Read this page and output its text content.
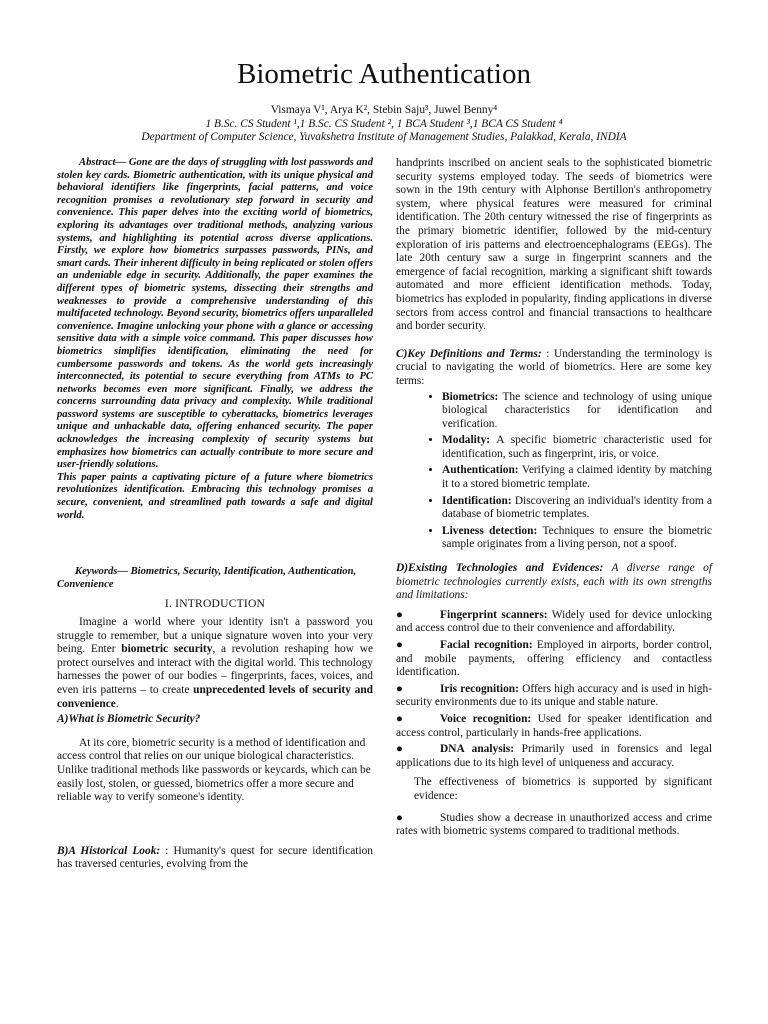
Biometric Authentication
Vismaya V¹, Arya K², Stebin Saju³, Juwel Benny⁴
1 B.Sc. CS Student ¹,1 B.Sc. CS Student ², 1 BCA Student ³,1 BCA CS Student ⁴
Department of Computer Science, Yuvakshetra Institute of Management Studies, Palakkad, Kerala, INDIA

Abstract— Gone are the days of struggling with lost passwords and stolen key cards. Biometric authentication, with its unique physical and behavioral identifiers like fingerprints, facial patterns, and voice recognition promises a revolutionary step forward in security and convenience. This paper delves into the exciting world of biometrics, exploring its advantages over traditional methods, analyzing various systems, and highlighting its potential across diverse applications. Firstly, we explore how biometrics surpasses passwords, PINs, and smart cards. Their inherent difficulty in being replicated or stolen offers an undeniable edge in security. Additionally, the paper examines the different types of biometric systems, dissecting their strengths and weaknesses to provide a comprehensive understanding of this multifaceted technology. Beyond security, biometrics offers unparalleled convenience. Imagine unlocking your phone with a glance or accessing sensitive data with a simple voice command. This paper discusses how biometrics simplifies identification, eliminating the need for cumbersome passwords and tokens. As the world gets increasingly interconnected, its potential to secure everything from ATMs to PC networks becomes even more significant. Finally, we address the concerns surrounding data privacy and complexity. While traditional password systems are susceptible to cyberattacks, biometrics leverages unique and unhackable data, offering enhanced security. The paper acknowledges the increasing complexity of security systems but emphasizes how biometrics can actually contribute to more secure and user-friendly solutions.

This paper paints a captivating picture of a future where biometrics revolutionizes identification. Embracing this technology promises a secure, convenient, and streamlined path towards a safe and digital world.

Keywords— Biometrics, Security, Identification, Authentication, Convenience

I. INTRODUCTION

Imagine a world where your identity isn't a password you struggle to remember, but a unique signature woven into your very being. Enter biometric security, a revolution reshaping how we protect ourselves and interact with the digital world. This technology harnesses the power of our bodies – fingerprints, faces, voices, and even iris patterns – to create unprecedented levels of security and convenience.

A)What is Biometric Security?

At its core, biometric security is a method of identification and access control that relies on our unique biological characteristics. Unlike traditional methods like passwords or keycards, which can be easily lost, stolen, or guessed, biometrics offer a more secure and reliable way to verify someone's identity.

B)A Historical Look: : Humanity's quest for secure identification has traversed centuries, evolving from the

handprints inscribed on ancient seals to the sophisticated biometric security systems employed today. The seeds of biometrics were sown in the 19th century with Alphonse Bertillon's anthropometry system, where physical features were measured for criminal identification. The 20th century witnessed the rise of fingerprints as the primary biometric identifier, followed by the mid-century exploration of iris patterns and electroencephalograms (EEGs). The late 20th century saw a surge in fingerprint scanners and the emergence of facial recognition, marking a significant shift towards automated and more efficient identification methods. Today, biometrics has exploded in popularity, finding applications in diverse sectors from access control and financial transactions to healthcare and border security.

C)Key Definitions and Terms: : Understanding the terminology is crucial to navigating the world of biometrics. Here are some key terms:

• Biometrics: The science and technology of using unique biological characteristics for identification and verification.
• Modality: A specific biometric characteristic used for identification, such as fingerprint, iris, or voice.
• Authentication: Verifying a claimed identity by matching it to a stored biometric template.
• Identification: Discovering an individual's identity from a database of biometric templates.
• Liveness detection: Techniques to ensure the biometric sample originates from a living person, not a spoof.

D)Existing Technologies and Evidences: A diverse range of biometric technologies currently exists, each with its own strengths and limitations:

●	Fingerprint scanners: Widely used for device unlocking and access control due to their convenience and affordability.
●	Facial recognition: Employed in airports, border control, and mobile payments, offering efficiency and contactless identification.
●	Iris recognition: Offers high accuracy and is used in high-security environments due to its unique and stable nature.
●	Voice recognition: Used for speaker identification and access control, particularly in hands-free applications.
●	DNA analysis: Primarily used in forensics and legal applications due to its high level of uniqueness and accuracy.

The effectiveness of biometrics is supported by significant evidence:

●	Studies show a decrease in unauthorized access and crime rates with biometric systems compared to traditional methods.
